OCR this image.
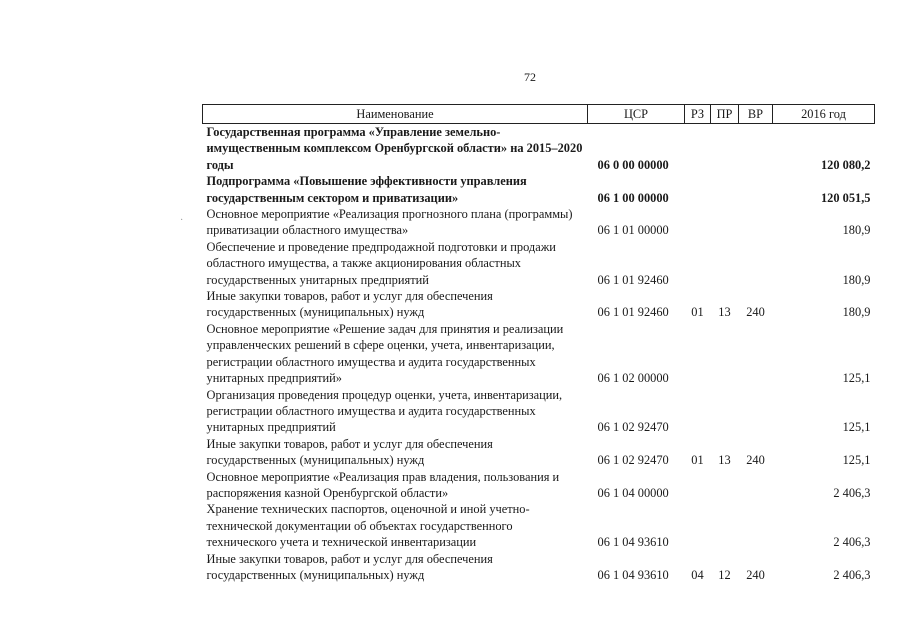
72
·
Наименование	ЦСР	РЗ	ПР	ВР	2016 год
Государственная программа «Управление земельно-имущественным комплексом Оренбургской области» на 2015–2020 годы	06 0 00 00000				120 080,2
Подпрограмма «Повышение эффективности управления государственным сектором и приватизации»	06 1 00 00000				120 051,5
Основное мероприятие «Реализация прогнозного плана (программы) приватизации областного имущества»	06 1 01 00000				180,9
Обеспечение и проведение предпродажной подготовки и продажи областного имущества, а также акционирования областных государственных унитарных предприятий	06 1 01 92460				180,9
Иные закупки товаров, работ и услуг для обеспечения государственных (муниципальных) нужд	06 1 01 92460	01	13	240	180,9
Основное мероприятие «Решение задач для принятия и реализации управленческих решений в сфере оценки, учета, инвентаризации, регистрации областного имущества и аудита государственных унитарных предприятий»	06 1 02 00000				125,1
Организация проведения процедур оценки, учета, инвентаризации, регистрации областного имущества и аудита государственных унитарных предприятий	06 1 02 92470				125,1
Иные закупки товаров, работ и услуг для обеспечения государственных (муниципальных) нужд	06 1 02 92470	01	13	240	125,1
Основное мероприятие «Реализация прав владения, пользования и распоряжения казной Оренбургской области»	06 1 04 00000				2 406,3
Хранение технических паспортов, оценочной и иной учетно-технической документации об объектах государственного технического учета и технической инвентаризации	06 1 04 93610				2 406,3
Иные закупки товаров, работ и услуг для обеспечения государственных (муниципальных) нужд	06 1 04 93610	04	12	240	2 406,3
